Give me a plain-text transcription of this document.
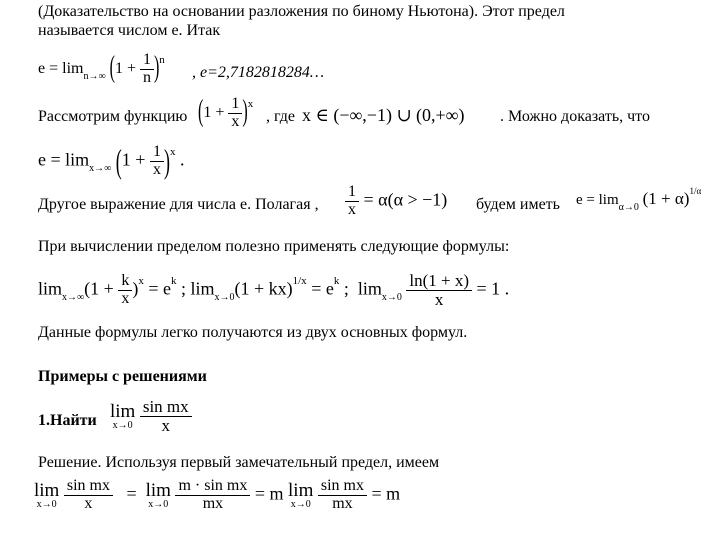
(Доказательство на основании разложения по биному Ньютона). Этот предел
называется числом e. Итак
$e = \lim_{n\to\infty} (1 + \frac{1}{n} )^n$
, e=2,7182818284…
Рассмотрим функцию $(1 + \frac{1}{x} )^x$
, где x ∈ (−∞,−1) ∪ (0,+∞) . Можно доказать, что
$e = \lim_{x\to\infty} (1 + \frac{1}{x} )^x$ .
Другое выражение для числа e. Полагая , $\frac{1}{x} = \alpha(\alpha > -1)$ будем иметь $e = \lim_{\alpha\to 0} (1 + \alpha)^{1/\alpha}$
При вычислении пределом полезно применять следующие формулы:
$\lim_{x\to\infty}(1 + \frac{k}{x} )^x = e^k$ ; $\lim_{x\to 0}(1 + kx)^{1/x} = e^k$ ;  $\lim_{x\to 0} \frac{\ln(1 + x)}{x} = 1$ .
Данные формулы легко получаются из двух основных формул.
Примеры с решениями
1.Найти lim
x→0
$\frac{\text{sin mx}}{x}$
Решение. Используя первый замечательный предел, имеем
lim
x→0
$\frac{\text{sin mx}}{x} = \lim$
x→0
$\frac{\text{m · sin mx}}{mx} = m$ lim
x→0
$\frac{\text{sin mx}}{mx} = m$
